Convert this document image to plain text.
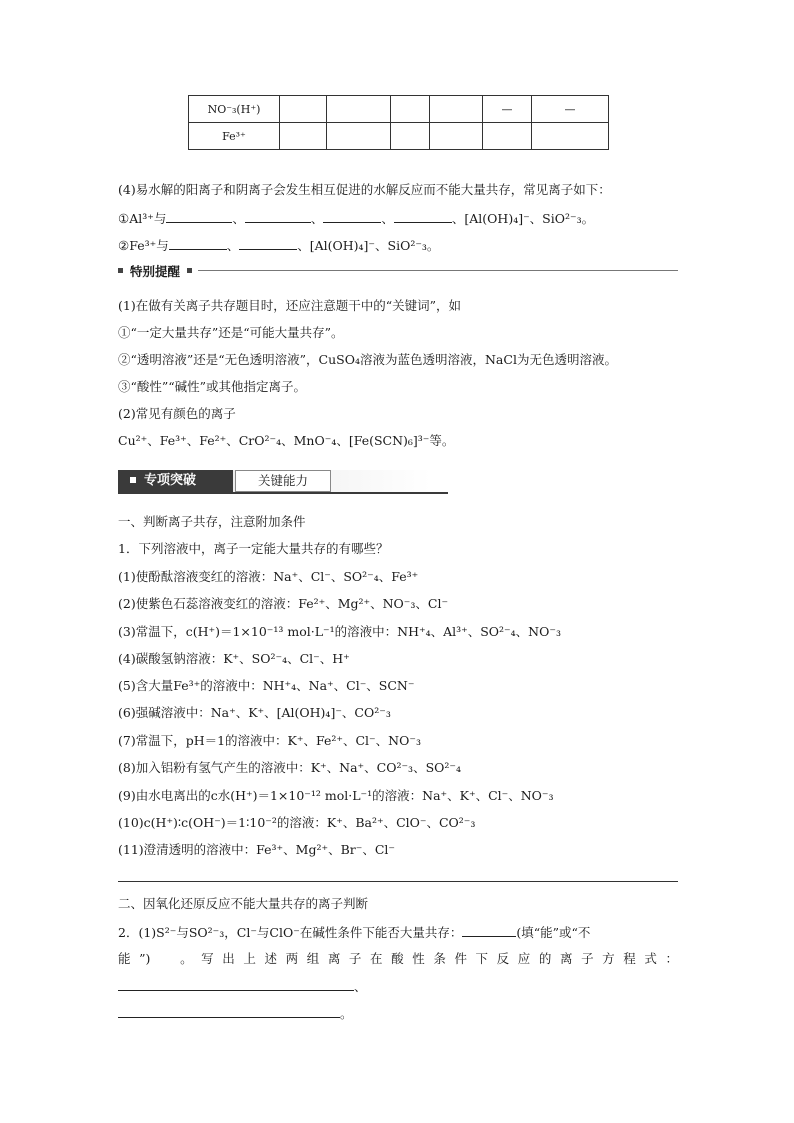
NO⁻₃(H⁺)					—	—
Fe³⁺						
(4)易水解的阳离子和阴离子会发生相互促进的水解反应而不能大量共存，常见离子如下：
①Al³⁺与	、	、	、	、[Al(OH)₄]⁻、SiO²⁻₃。
②Fe³⁺与	、	、[Al(OH)₄]⁻、SiO²⁻₃。
特别提醒
(1)在做有关离子共存题目时，还应注意题干中的“关键词”，如
①“一定大量共存”还是“可能大量共存”。
②“透明溶液”还是“无色透明溶液”，CuSO₄溶液为蓝色透明溶液，NaCl为无色透明溶液。
③“酸性”“碱性”或其他指定离子。
(2)常见有颜色的离子
Cu²⁺、Fe³⁺、Fe²⁺、CrO²⁻₄、MnO⁻₄、[Fe(SCN)₆]³⁻等。
专项突破	关键能力
一、判断离子共存，注意附加条件
1．下列溶液中，离子一定能大量共存的有哪些？
(1)使酚酞溶液变红的溶液：Na⁺、Cl⁻、SO²⁻₄、Fe³⁺
(2)使紫色石蕊溶液变红的溶液：Fe²⁺、Mg²⁺、NO⁻₃、Cl⁻
(3)常温下，c(H⁺)＝1×10⁻¹³ mol·L⁻¹的溶液中：NH⁺₄、Al³⁺、SO²⁻₄、NO⁻₃
(4)碳酸氢钠溶液：K⁺、SO²⁻₄、Cl⁻、H⁺
(5)含大量Fe³⁺的溶液中：NH⁺₄、Na⁺、Cl⁻、SCN⁻
(6)强碱溶液中：Na⁺、K⁺、[Al(OH)₄]⁻、CO²⁻₃
(7)常温下，pH＝1的溶液中：K⁺、Fe²⁺、Cl⁻、NO⁻₃
(8)加入铝粉有氢气产生的溶液中：K⁺、Na⁺、CO²⁻₃、SO²⁻₄
(9)由水电离出的c水(H⁺)＝1×10⁻¹² mol·L⁻¹的溶液：Na⁺、K⁺、Cl⁻、NO⁻₃
(10)c(H⁺)∶c(OH⁻)＝1∶10⁻²的溶液：K⁺、Ba²⁺、ClO⁻、CO²⁻₃
(11)澄清透明的溶液中：Fe³⁺、Mg²⁺、Br⁻、Cl⁻
二、因氧化还原反应不能大量共存的离子判断
2．(1)S²⁻与SO²⁻₃，Cl⁻与ClO⁻在碱性条件下能否大量共存：	(填“能”或“不
能”)　。写出上述两组离子在酸性条件下反应的离子方程式：
、
。
